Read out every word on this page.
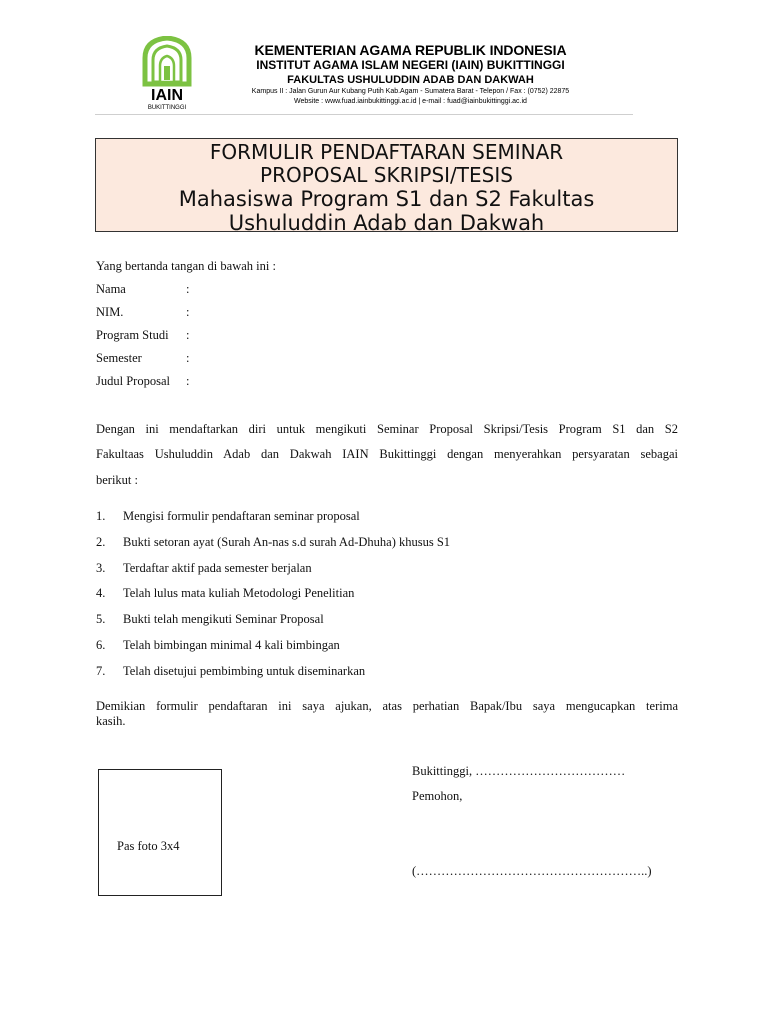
IAIN
BUKITTINGGI
KEMENTERIAN AGAMA REPUBLIK INDONESIA
INSTITUT AGAMA ISLAM NEGERI (IAIN) BUKITTINGGI
FAKULTAS USHULUDDIN ADAB DAN DAKWAH
Kampus II : Jalan Gurun Aur Kubang Putih Kab.Agam - Sumatera Barat - Telepon / Fax : (0752) 22875
Website : www.fuad.iainbukittinggi.ac.id | e-mail : fuad@iainbukittinggi.ac.id
FORMULIR PENDAFTARAN SEMINAR
PROPOSAL SKRIPSI/TESIS
Mahasiswa Program S1 dan S2 Fakultas
Ushuluddin Adab dan Dakwah
Yang bertanda tangan di bawah ini :
Nama	:
NIM.	:
Program Studi :
Semester	:
Judul Proposal :
Dengan ini mendaftarkan diri untuk mengikuti Seminar Proposal Skripsi/Tesis Program S1 dan S2
Fakultaas Ushuluddin Adab dan Dakwah IAIN Bukittinggi dengan menyerahkan persyaratan sebagai
berikut :
1. Mengisi formulir pendaftaran seminar proposal
2. Bukti setoran ayat (Surah An-nas s.d surah Ad-Dhuha) khusus S1
3. Terdaftar aktif pada semester berjalan
4. Telah lulus mata kuliah Metodologi Penelitian
5. Bukti telah mengikuti Seminar Proposal
6. Telah bimbingan minimal 4 kali bimbingan
7. Telah disetujui pembimbing untuk diseminarkan
Demikian formulir pendaftaran ini saya ajukan, atas perhatian Bapak/Ibu saya mengucapkan terima
kasih.
Pas foto 3x4
Bukittinggi, ………………………………
Pemohon,
(………………………………………………..)
